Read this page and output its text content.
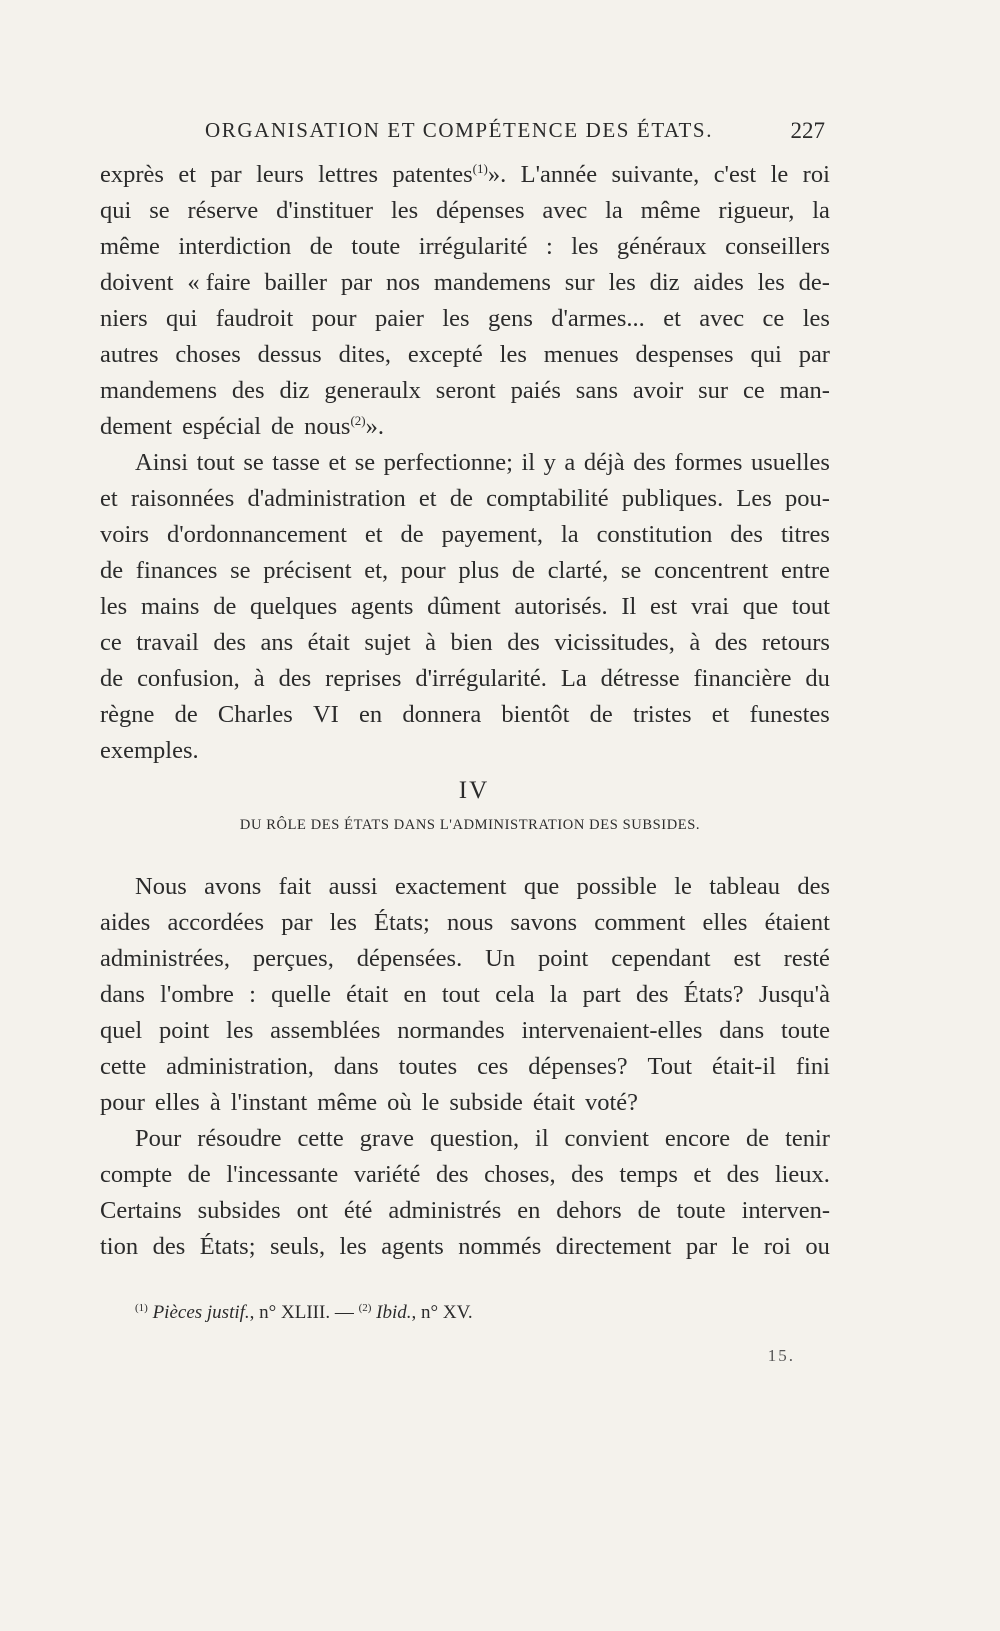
ORGANISATION ET COMPÉTENCE DES ÉTATS.	227
exprès et par leurs lettres patentes$^{(1)}$». L'année suivante, c'est le roi
qui se réserve d'instituer les dépenses avec la même rigueur, la
même interdiction de toute irrégularité : les généraux conseillers
doivent « faire bailler par nos mandemens sur les diz aides les de-
niers qui faudroit pour paier les gens d'armes... et avec ce les
autres choses dessus dites, excepté les menues despenses qui par
mandemens des diz generaulx seront paiés sans avoir sur ce man-
dement espécial de nous$^{(2)}$».
Ainsi tout se tasse et se perfectionne; il y a déjà des formes usuelles
et raisonnées d'administration et de comptabilité publiques. Les pou-
voirs d'ordonnancement et de payement, la constitution des titres
de finances se précisent et, pour plus de clarté, se concentrent entre
les mains de quelques agents dûment autorisés. Il est vrai que tout
ce travail des ans était sujet à bien des vicissitudes, à des retours
de confusion, à des reprises d'irrégularité. La détresse financière du
règne de Charles VI en donnera bientôt de tristes et funestes
exemples.
IV
DU RÔLE DES ÉTATS DANS L'ADMINISTRATION DES SUBSIDES.
Nous avons fait aussi exactement que possible le tableau des
aides accordées par les États; nous savons comment elles étaient
administrées, perçues, dépensées. Un point cependant est resté
dans l'ombre : quelle était en tout cela la part des États? Jusqu'à
quel point les assemblées normandes intervenaient-elles dans toute
cette administration, dans toutes ces dépenses? Tout était-il fini
pour elles à l'instant même où le subside était voté?
Pour résoudre cette grave question, il convient encore de tenir
compte de l'incessante variété des choses, des temps et des lieux.
Certains subsides ont été administrés en dehors de toute interven-
tion des États; seuls, les agents nommés directement par le roi ou
$^{(1)}$ Pièces justif., n° XLIII. — $^{(2)}$ Ibid., n° XV.
15.
